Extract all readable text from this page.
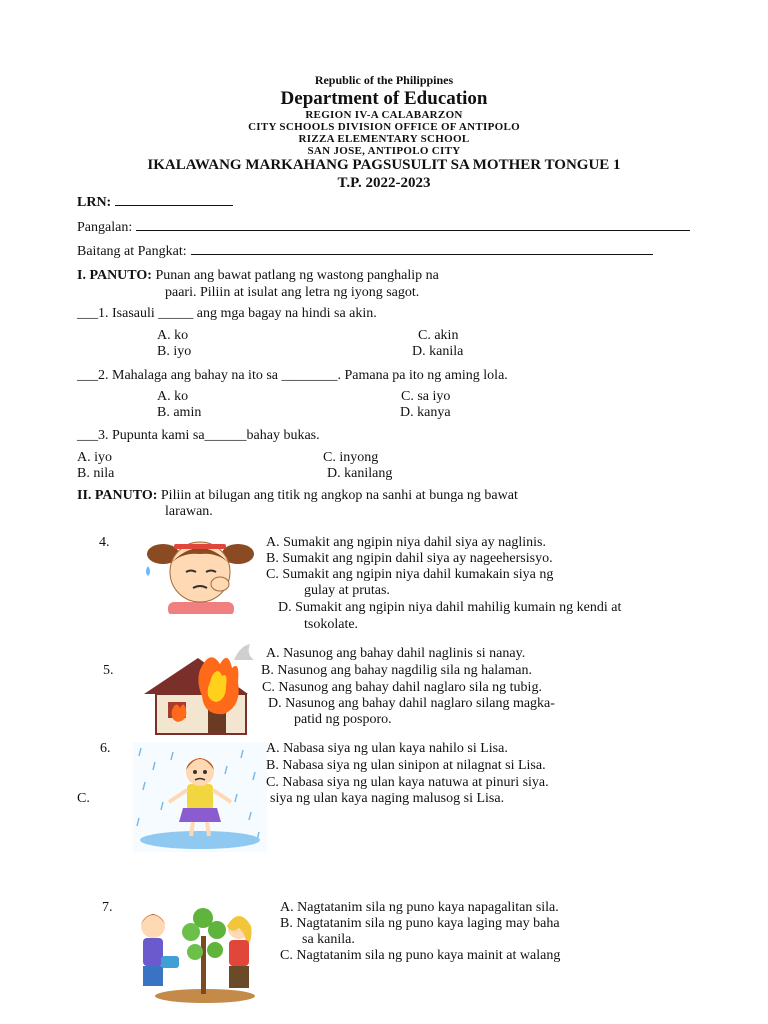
Republic of the Philippines
Department of Education
REGION IV-A CALABARZON
CITY SCHOOLS DIVISION OFFICE OF ANTIPOLO
RIZZA ELEMENTARY SCHOOL
SAN JOSE, ANTIPOLO CITY
IKALAWANG MARKAHANG PAGSUSULIT SA MOTHER TONGUE 1
T.P. 2022-2023
LRN:
Pangalan:
Baitang at Pangkat:
I. PANUTO: Punan ang bawat patlang ng wastong panghalip na
paari. Piliin at isulat ang letra ng iyong sagot.
___1. Isasauli _____ ang mga bagay na hindi sa akin.
A. ko	C. akin
B. iyo	D. kanila
___2. Mahalaga ang bahay na ito sa ________. Pamana pa ito ng aming lola.
A. ko	C. sa iyo
B. amin	D. kanya
___3. Pupunta kami sa______bahay bukas.
A. iyo	C. inyong
B. nila	D. kanilang
II. PANUTO: Piliin at bilugan ang titik ng angkop na sanhi at bunga ng bawat
larawan.
4.	A. Sumakit ang ngipin niya dahil siya ay naglinis.
B. Sumakit ang ngipin dahil siya ay nageehersisyo.
C. Sumakit ang ngipin niya dahil kumakain siya ng
gulay at prutas.
D. Sumakit ang ngipin niya dahil mahilig kumain ng kendi at
tsokolate.
5.
A. Nasunog ang bahay dahil naglinis si nanay.
B. Nasunog ang bahay nagdilig sila ng halaman.
C. Nasunog ang bahay dahil naglaro sila ng tubig.
D. Nasunog ang bahay dahil naglaro silang magka-
patid ng posporo.
6.
C.
A. Nabasa siya ng ulan kaya nahilo si Lisa.
B. Nabasa siya ng ulan sinipon at nilagnat si Lisa.
C. Nabasa siya ng ulan kaya natuwa at pinuri siya.
siya ng ulan kaya naging malusog si Lisa.
7.	A. Nagtatanim sila ng puno kaya napagalitan sila.
B. Nagtatanim sila ng puno kaya laging may baha
sa kanila.
C. Nagtatanim sila ng puno kaya mainit at walang
